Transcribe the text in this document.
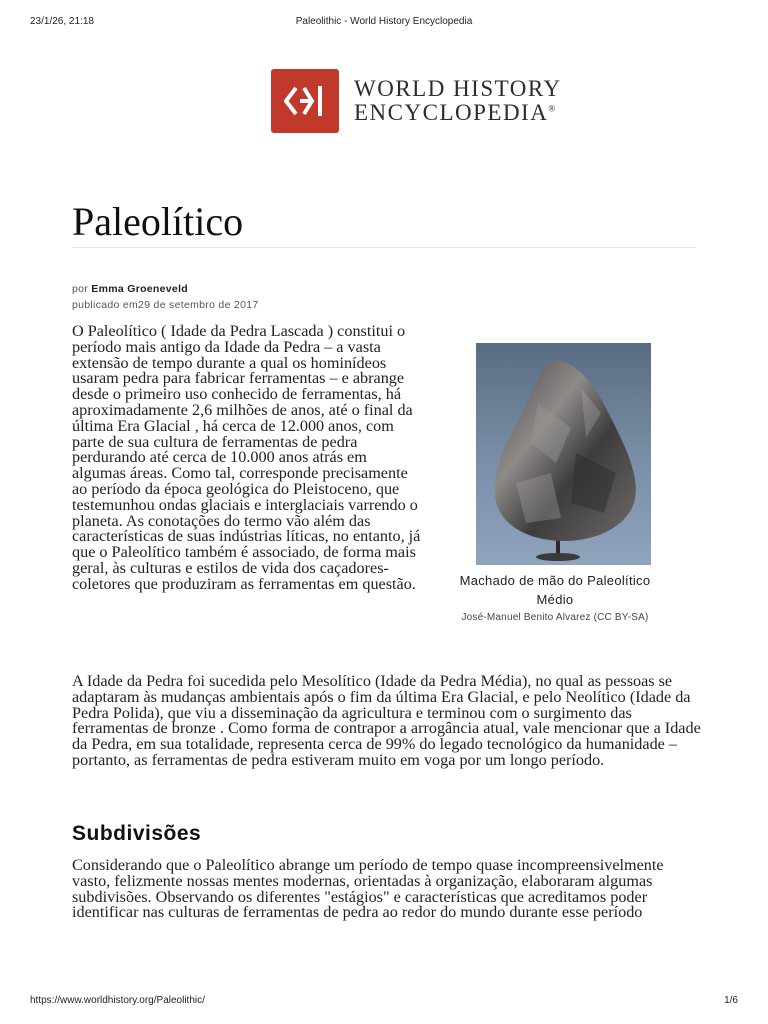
23/1/26, 21:18	Paleolithic - World History Encyclopedia
WORLD HISTORY
ENCYCLOPEDIA®
Paleolítico
por Emma Groeneveld
publicado em29 de setembro de 2017

O Paleolítico ( Idade da Pedra Lascada ) constitui o período mais antigo da Idade da Pedra – a vasta extensão de tempo durante a qual os hominídeos usaram pedra para fabricar ferramentas – e abrange desde o primeiro uso conhecido de ferramentas, há aproximadamente 2,6 milhões de anos, até o final da última Era Glacial , há cerca de 12.000 anos, com parte de sua cultura de ferramentas de pedra perdurando até cerca de 10.000 anos atrás em algumas áreas. Como tal, corresponde precisamente ao período da época geológica do Pleistoceno, que testemunhou ondas glaciais e interglaciais varrendo o planeta. As conotações do termo vão além das características de suas indústrias líticas, no entanto, já que o Paleolítico também é associado, de forma mais geral, às culturas e estilos de vida dos caçadores-coletores que produziram as ferramentas em questão.	Machado de mão do Paleolítico Médio
José-Manuel Benito Alvarez (CC BY-SA)

A Idade da Pedra foi sucedida pelo Mesolítico (Idade da Pedra Média), no qual as pessoas se adaptaram às mudanças ambientais após o fim da última Era Glacial, e pelo Neolítico (Idade da Pedra Polida), que viu a disseminação da agricultura e terminou com o surgimento das ferramentas de bronze . Como forma de contrapor a arrogância atual, vale mencionar que a Idade da Pedra, em sua totalidade, representa cerca de 99% do legado tecnológico da humanidade – portanto, as ferramentas de pedra estiveram muito em voga por um longo período.

Subdivisões

Considerando que o Paleolítico abrange um período de tempo quase incompreensivelmente vasto, felizmente nossas mentes modernas, orientadas à organização, elaboraram algumas subdivisões. Observando os diferentes "estágios" e características que acreditamos poder identificar nas culturas de ferramentas de pedra ao redor do mundo durante esse período

https://www.worldhistory.org/Paleolithic/	1/6
